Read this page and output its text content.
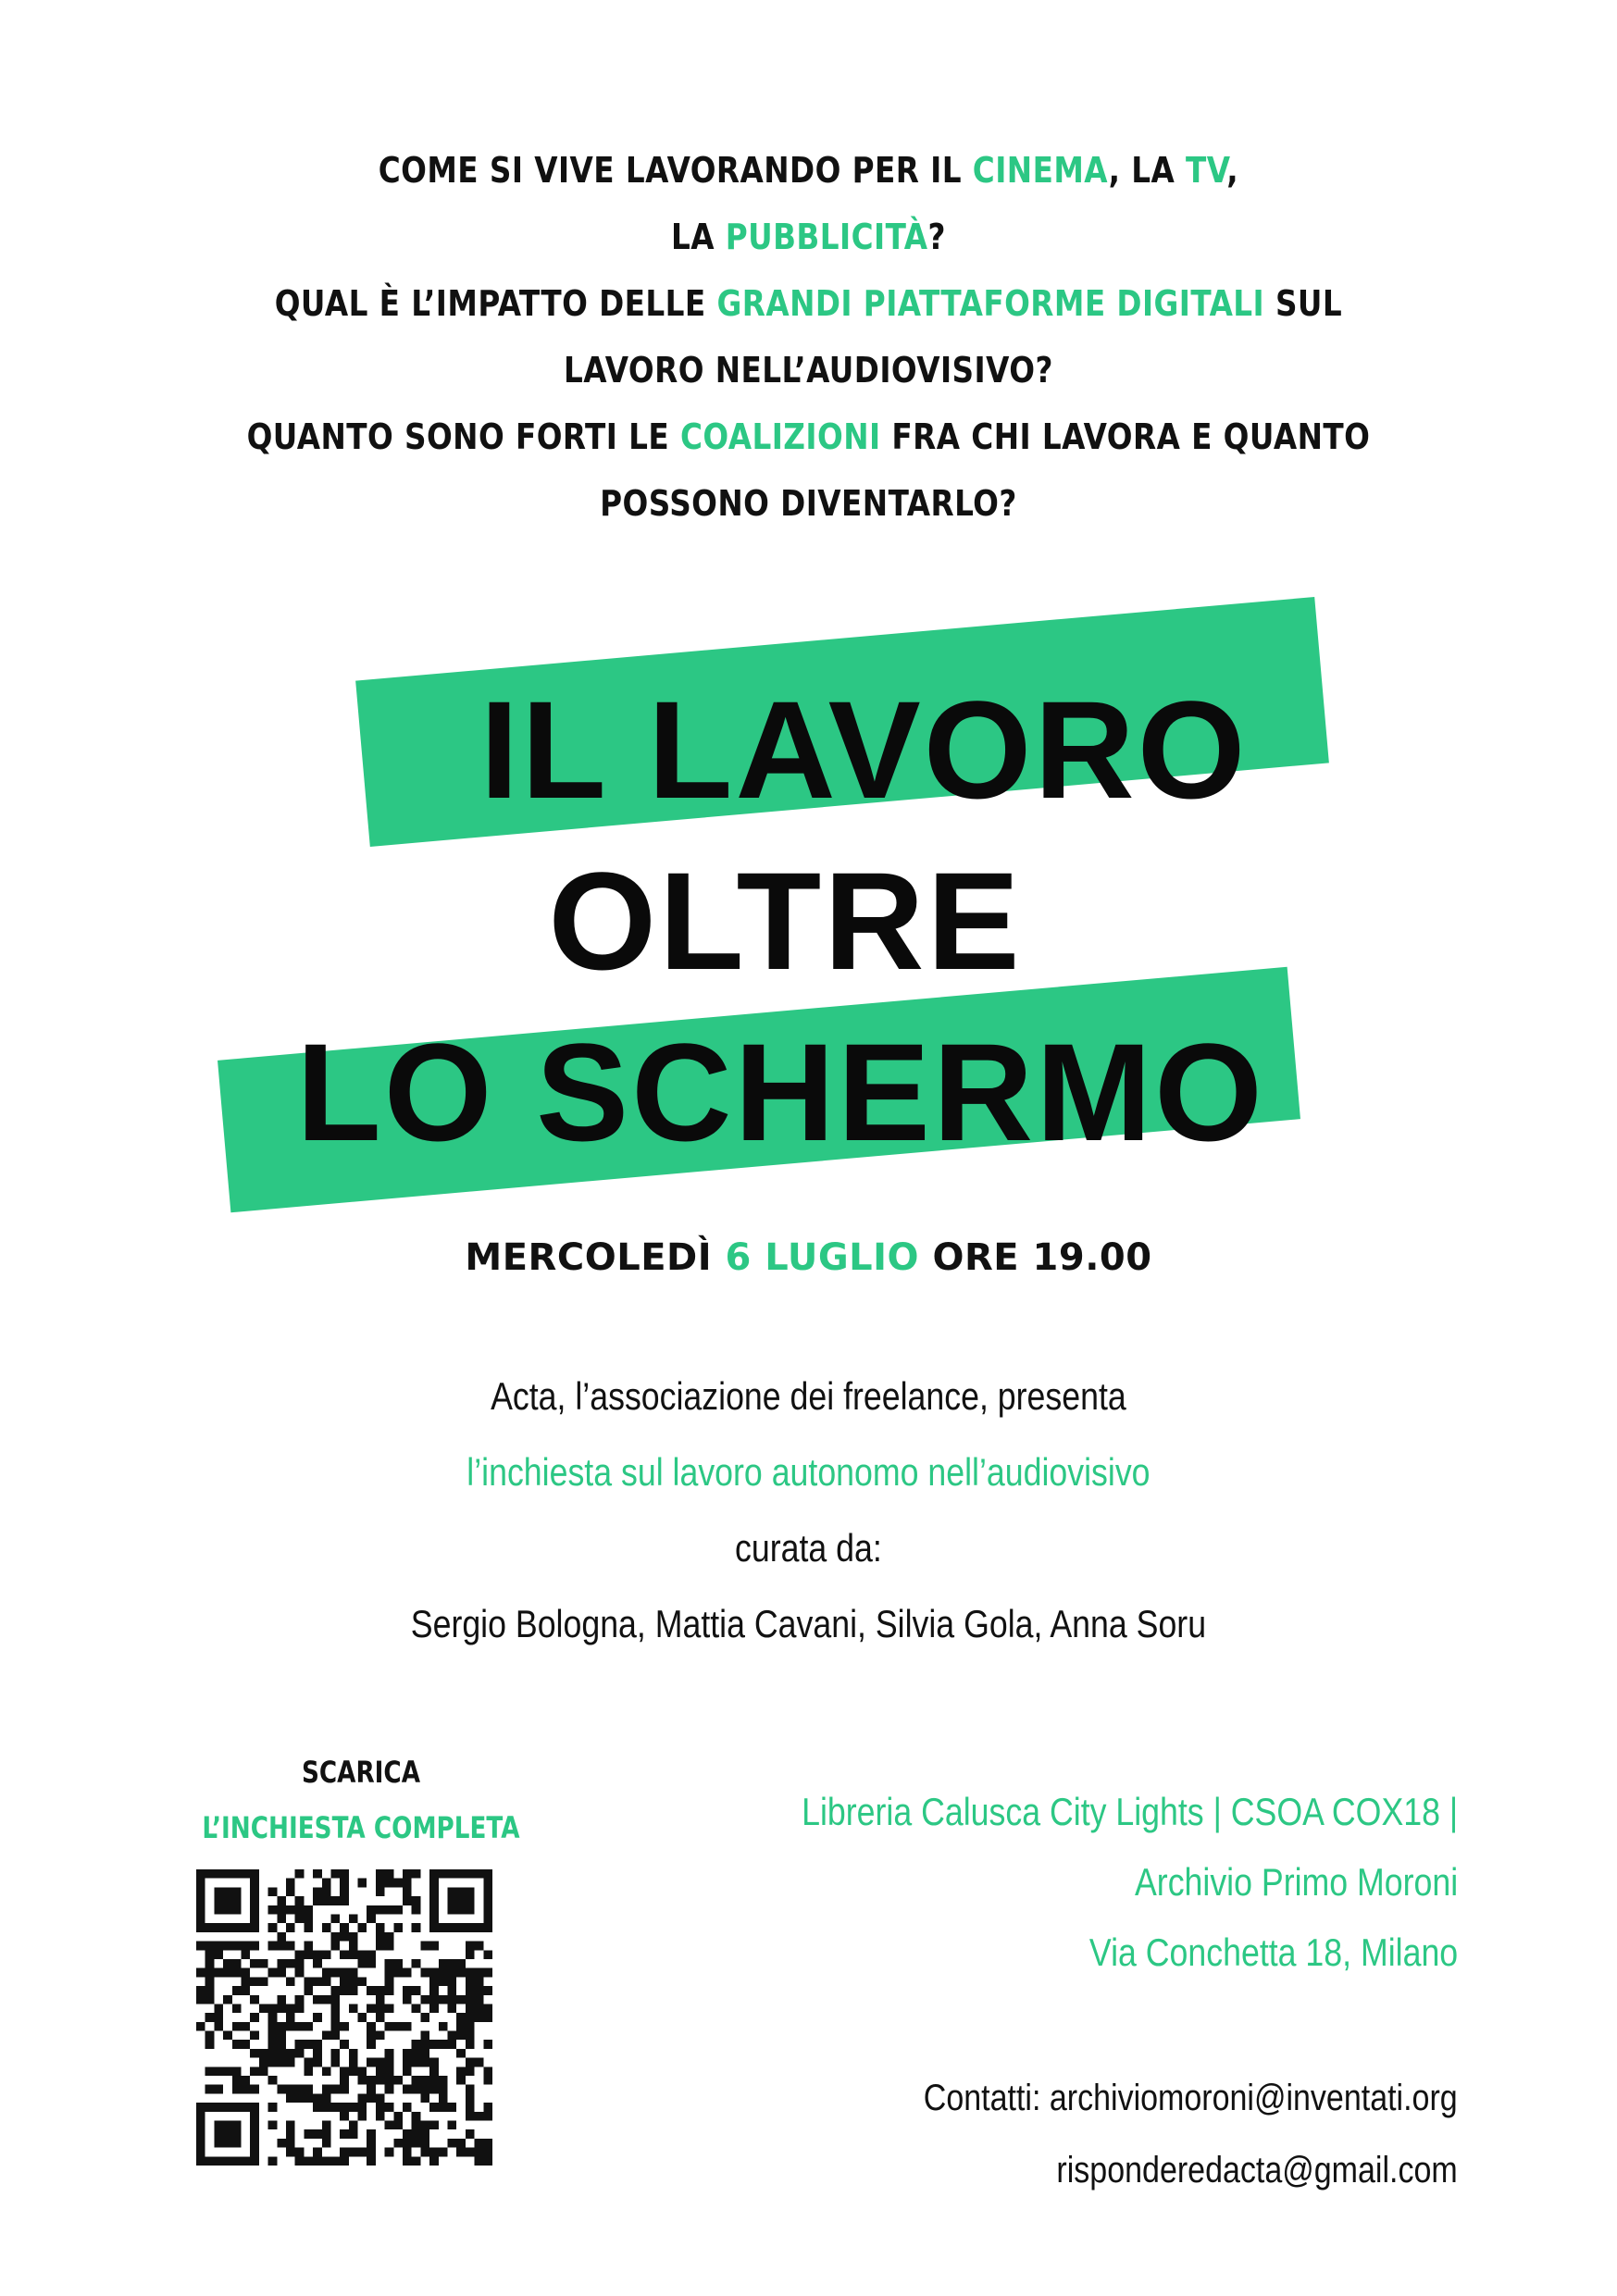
COME SI VIVE LAVORANDO PER IL CINEMA, LA TV,
LA PUBBLICITÀ?
QUAL È L’IMPATTO DELLE GRANDI PIATTAFORME DIGITALI SUL
LAVORO NELL’AUDIOVISIVO?
QUANTO SONO FORTI LE COALIZIONI FRA CHI LAVORA E QUANTO
POSSONO DIVENTARLO?
IL LAVORO
OLTRE
LO SCHERMO
MERCOLEDÌ 6 LUGLIO ORE 19.00
Acta, l’associazione dei freelance, presenta
l’inchiesta sul lavoro autonomo nell’audiovisivo
curata da:
Sergio Bologna, Mattia Cavani, Silvia Gola, Anna Soru
SCARICA
L’INCHIESTA COMPLETA	Libreria Calusca City Lights | CSOA COX18 |
Archivio Primo Moroni
Via Conchetta 18, Milano
Contatti: archiviomoroni@inventati.org
risponderedacta@gmail.com
